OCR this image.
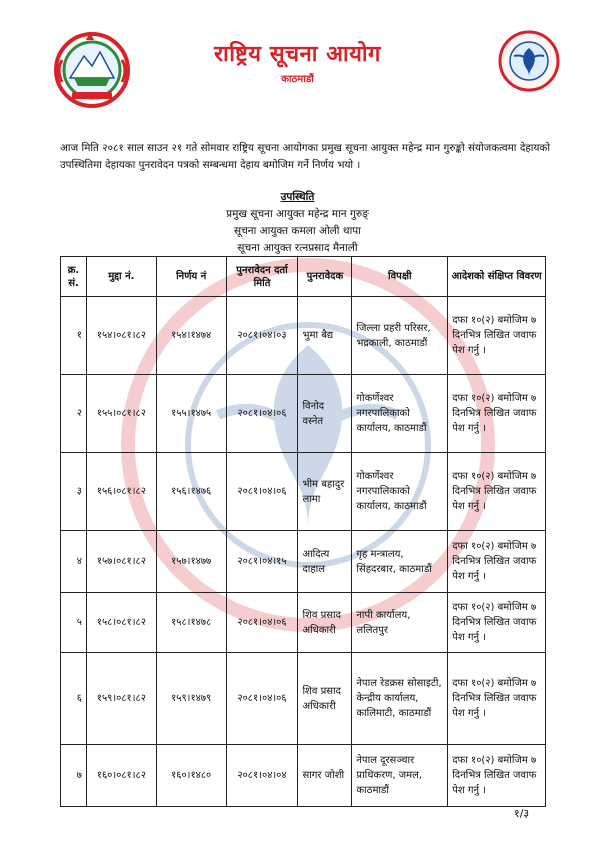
राष्ट्रिय सूचना आयोग
काठमाडौं
आज मिति २०८१ साल साउन २१ गते सोमवार राष्ट्रिय सूचना आयोगका प्रमुख सूचना आयुक्त महेन्द्र मान गुरुङ्को संयोजकत्वमा देहायको उपस्थितिमा देहायका पुनरावेदन पत्रको सम्बन्धमा देहाय बमोजिम गर्ने निर्णय भयो ।
उपस्थिति
प्रमुख सूचना आयुक्त महेन्द्र मान गुरुङ्
सूचना आयुक्त कमला ओली थापा
सूचना आयुक्त रत्नप्रसाद मैनाली
क्र. सं.	मुद्दा नं.	निर्णय नं	पुनरावेदन दर्ता मिति	पुनरावेदक	विपक्षी	आदेशको संक्षिप्त विवरण
१	१५४।०८१।८२	१५४।१४७४	२०८१।०४।०३	भुमा बैद्य	जिल्ला प्रहरी परिसर, भद्रकाली, काठमाडौं	दफा १०(२) बमोजिम ७ दिनभित्र लिखित जवाफ पेश गर्नु ।
२	१५५।०८१।८२	१५५।१४७५	२०८१।०४।०६	विनोद वस्नेत	गोकर्णेश्वर नगरपालिकाको कार्यालय, काठमाडौं	दफा १०(२) बमोजिम ७ दिनभित्र लिखित जवाफ पेश गर्नु ।
३	१५६।०८१।८२	१५६।१४७६	२०८१।०४।०६	भीम बहादुर लामा	गोकर्णेश्वर नगरपालिकाको कार्यालय, काठमाडौं	दफा १०(२) बमोजिम ७ दिनभित्र लिखित जवाफ पेश गर्नु ।
४	१५७।०८१।८२	१५७।१४७७	२०८१।०४।१५	आदित्य दाहाल	गृह मन्त्रालय, सिंहदरबार, काठमाडौं	दफा १०(२) बमोजिम ७ दिनभित्र लिखित जवाफ पेश गर्नु ।
५	१५८।०८१।८२	१५८।१४७८	२०८१।०४।०६	शिव प्रसाद अधिकारी	नापी कार्यालय, ललितपुर	दफा १०(२) बमोजिम ७ दिनभित्र लिखित जवाफ पेश गर्नु ।
६	१५९।०८१।८२	१५९।१४७९	२०८१।०४।०६	शिव प्रसाद अधिकारी	नेपाल रेडक्रस सोसाइटी, केन्द्रीय कार्यालय, कालिमाटी, काठमाडौं	दफा १०(२) बमोजिम ७ दिनभित्र लिखित जवाफ पेश गर्नु ।
७	१६०।०८१।८२	१६०।१४८०	२०८१।०४।०४	सागर जोशी	नेपाल दूरसञ्चार प्राधिकरण, जमल, काठमाडौं	दफा १०(२) बमोजिम ७ दिनभित्र लिखित जवाफ पेश गर्नु ।
१/३
